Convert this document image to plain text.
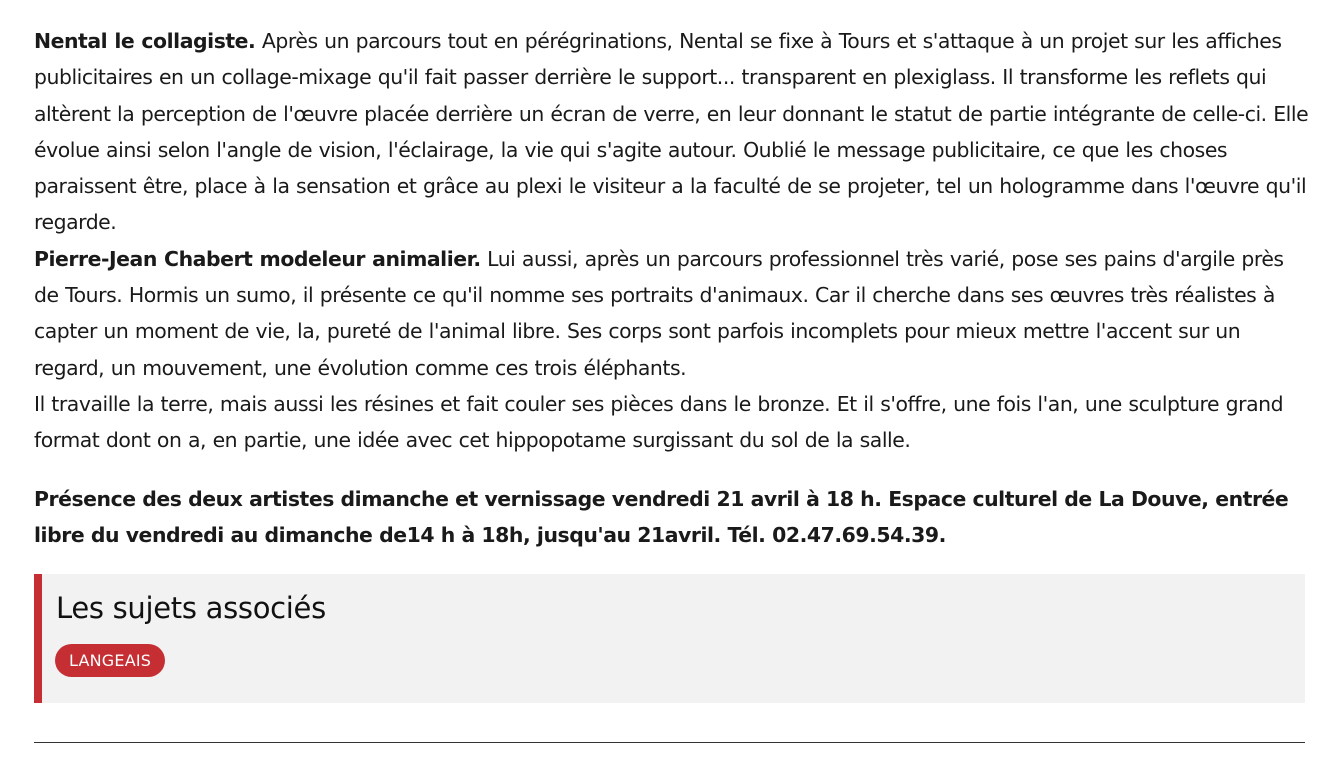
Nental le collagiste. Après un parcours tout en pérégrinations, Nental se fixe à Tours et s'attaque à un projet sur les affiches publicitaires en un collage-mixage qu'il fait passer derrière le support... transparent en plexiglass. Il transforme les reflets qui altèrent la perception de l'œuvre placée derrière un écran de verre, en leur donnant le statut de partie intégrante de celle-ci. Elle évolue ainsi selon l'angle de vision, l'éclairage, la vie qui s'agite autour. Oublié le message publicitaire, ce que les choses paraissent être, place à la sensation et grâce au plexi le visiteur a la faculté de se projeter, tel un hologramme dans l'œuvre qu'il regarde.

Pierre-Jean Chabert modeleur animalier. Lui aussi, après un parcours professionnel très varié, pose ses pains d'argile près de Tours. Hormis un sumo, il présente ce qu'il nomme ses portraits d'animaux. Car il cherche dans ses œuvres très réalistes à capter un moment de vie, la, pureté de l'animal libre. Ses corps sont parfois incomplets pour mieux mettre l'accent sur un regard, un mouvement, une évolution comme ces trois éléphants.

Il travaille la terre, mais aussi les résines et fait couler ses pièces dans le bronze. Et il s'offre, une fois l'an, une sculpture grand format dont on a, en partie, une idée avec cet hippopotame surgissant du sol de la salle.

Présence des deux artistes dimanche et vernissage vendredi 21 avril à 18 h. Espace culturel de La Douve, entrée libre du vendredi au dimanche de14 h à 18h, jusqu'au 21avril. Tél. 02.47.69.54.39.

Les sujets associés
LANGEAIS
